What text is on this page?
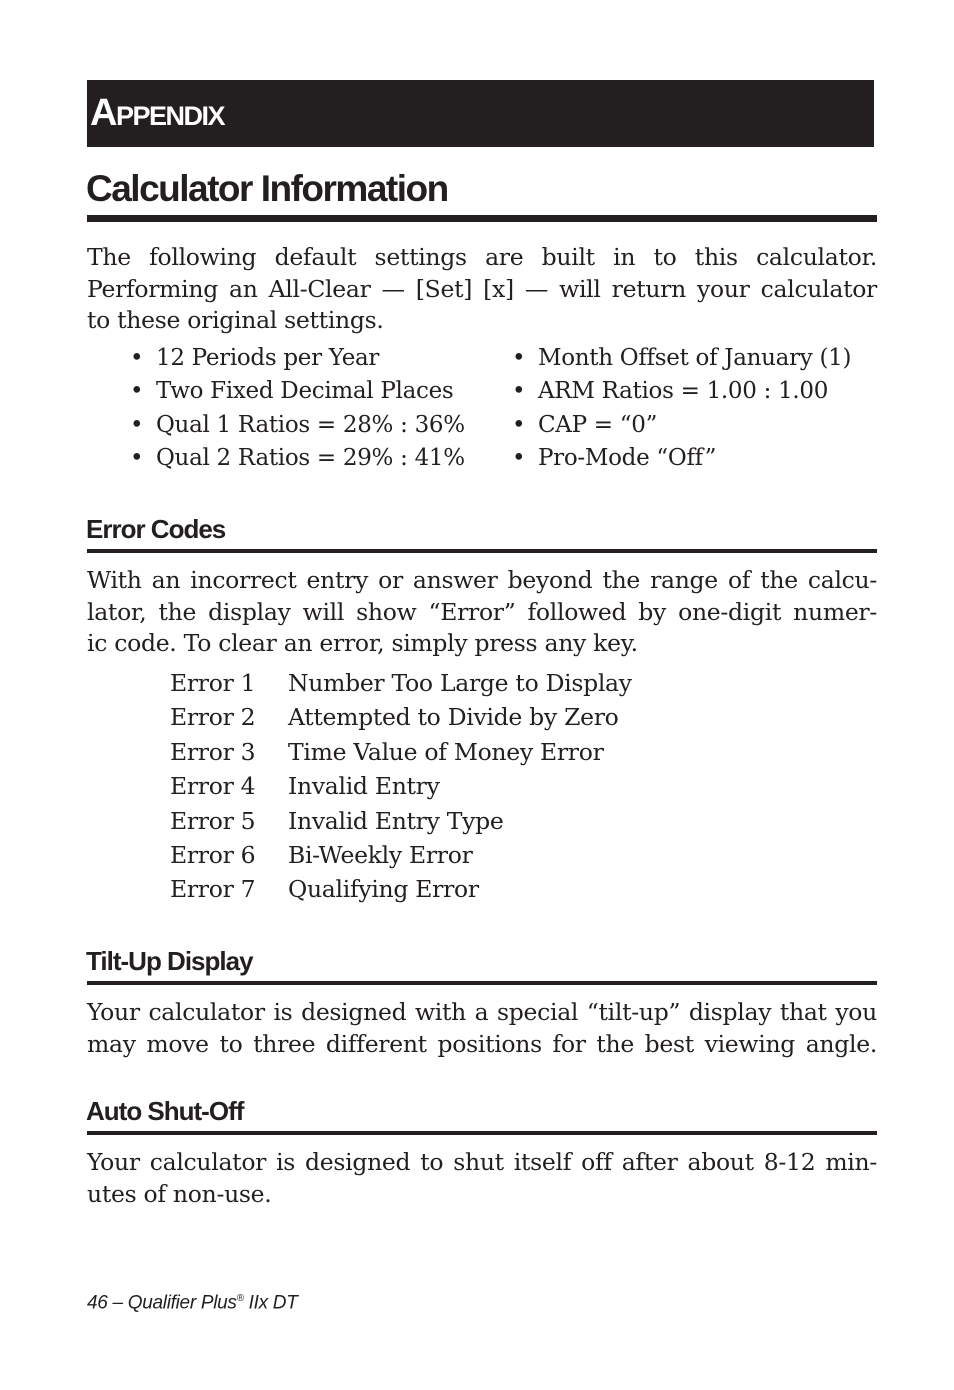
Appendix
Calculator Information

The following default settings are built in to this calculator.

Performing an All-Clear — [Set] [x] — will return your calculator

to these original settings.

• 12 Periods per Year
• Two Fixed Decimal Places
• Qual 1 Ratios = 28% : 36%
• Qual 2 Ratios = 29% : 41%
• Month Offset of January (1)
• ARM Ratios = 1.00 : 1.00
• CAP = “0”
• Pro-Mode “Off”
Error Codes

With an incorrect entry or answer beyond the range of the calcu-

lator, the display will show “Error” followed by one-digit numer-

ic code. To clear an error, simply press any key.

Error 1 Number Too Large to Display
Error 2 Attempted to Divide by Zero
Error 3 Time Value of Money Error
Error 4 Invalid Entry
Error 5 Invalid Entry Type
Error 6 Bi-Weekly Error
Error 7 Qualifying Error
Tilt-Up Display

Your calculator is designed with a special “tilt-up” display that you

may move to three different positions for the best viewing angle.

Auto Shut-Off

Your calculator is designed to shut itself off after about 8-12 min-

utes of non-use.

46 – Qualifier Plus® IIx DT
